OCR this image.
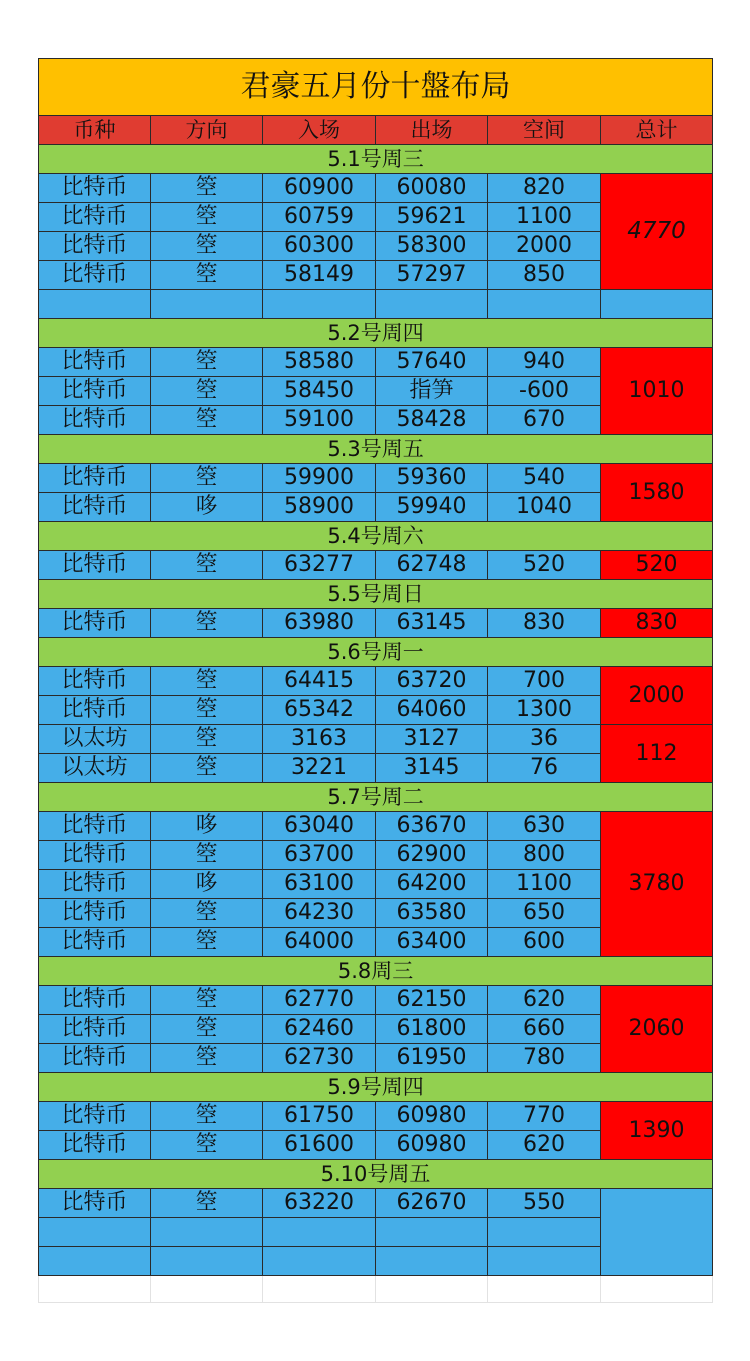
君豪五月份十盤布局					
币种	方向	入场	出场	空间	总计
5.1号周三					
比特币	箜	60900	60080	820	4770
比特币	箜	60759	59621	1100	
比特币	箜	60300	58300	2000	
比特币	箜	58149	57297	850	

5.2号周四					
比特币	箜	58580	57640	940	1010
比特币	箜	58450	指笋	-600	
比特币	箜	59100	58428	670	
5.3号周五					
比特币	箜	59900	59360	540	1580
比特币	哆	58900	59940	1040	
5.4号周六					
比特币	箜	63277	62748	520	520
5.5号周日					
比特币	箜	63980	63145	830	830
5.6号周一					
比特币	箜	64415	63720	700	2000
比特币	箜	65342	64060	1300	
以太坊	箜	3163	3127	36	112
以太坊	箜	3221	3145	76	
5.7号周二					
比特币	哆	63040	63670	630	3780
比特币	箜	63700	62900	800	
比特币	哆	63100	64200	1100	
比特币	箜	64230	63580	650	
比特币	箜	64000	63400	600	
5.8周三					
比特币	箜	62770	62150	620	2060
比特币	箜	62460	61800	660	
比特币	箜	62730	61950	780	
5.9号周四					
比特币	箜	61750	60980	770	1390
比特币	箜	61600	60980	620	
5.10号周五					
比特币	箜	63220	62670	550	
